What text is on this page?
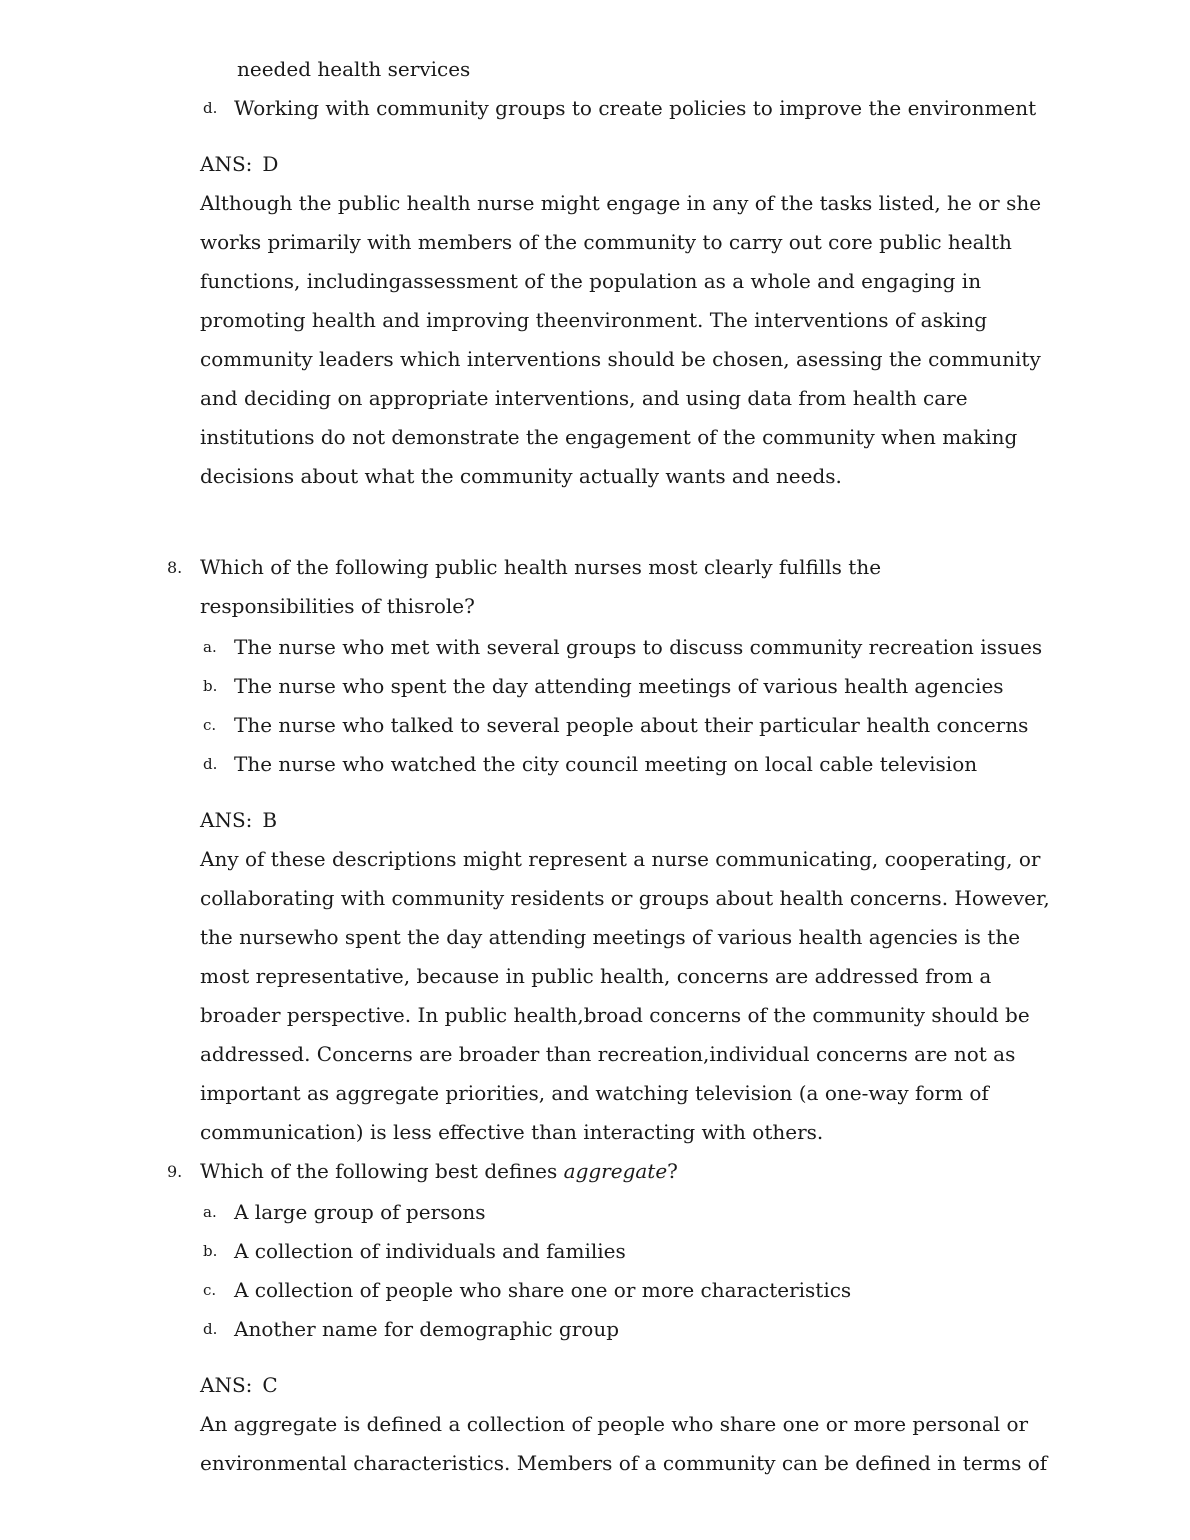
needed health services
d. Working with community groups to create policies to improve the environment
ANS: D

Although the public health nurse might engage in any of the tasks listed, he or she works primarily with members of the community to carry out core public health functions, includingassessment of the population as a whole and engaging in promoting health and improving theenvironment. The interventions of asking community leaders which interventions should be chosen, asessing the community and deciding on appropriate interventions, and using data from health care institutions do not demonstrate the engagement of the community when making decisions about what the community actually wants and needs.

8. Which of the following public health nurses most clearly fulfills the responsibilities of thisrole?
a. The nurse who met with several groups to discuss community recreation issues
b. The nurse who spent the day attending meetings of various health agencies
c. The nurse who talked to several people about their particular health concerns
d. The nurse who watched the city council meeting on local cable television
ANS: B

Any of these descriptions might represent a nurse communicating, cooperating, or collaborating with community residents or groups about health concerns. However, the nursewho spent the day attending meetings of various health agencies is the most representative, because in public health, concerns are addressed from a broader perspective. In public health,broad concerns of the community should be addressed. Concerns are broader than recreation,individual concerns are not as important as aggregate priorities, and watching television (a one-way form of communication) is less effective than interacting with others.

9. Which of the following best defines aggregate?
a. A large group of persons
b. A collection of individuals and families
c. A collection of people who share one or more characteristics
d. Another name for demographic group
ANS: C

An aggregate is defined a collection of people who share one or more personal or environmental characteristics. Members of a community can be defined in terms of
